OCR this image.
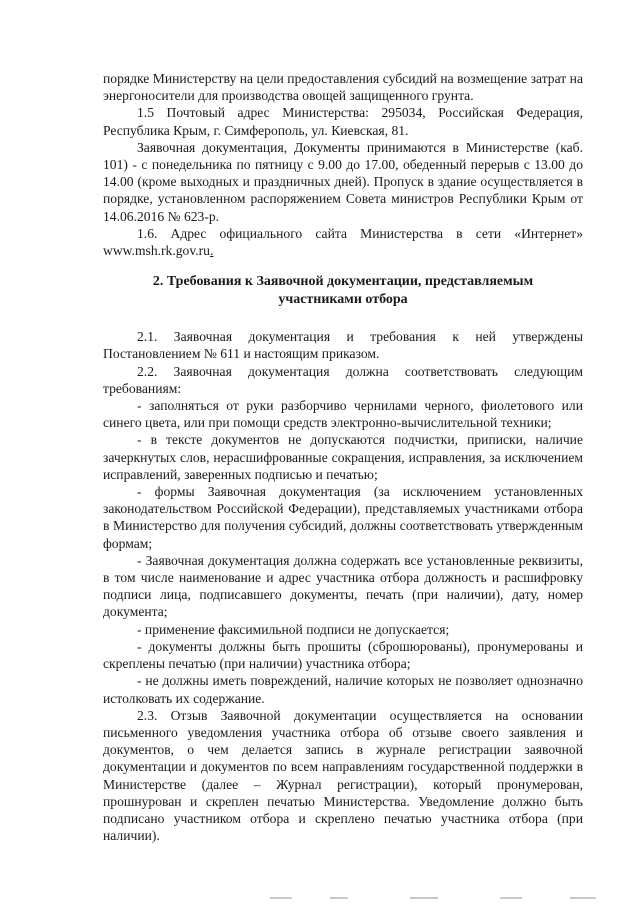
порядке Министерству на цели предоставления субсидий на возмещение затрат на энергоносители для производства овощей защищенного грунта.

1.5 Почтовый адрес Министерства: 295034, Российская Федерация, Республика Крым, г. Симферополь, ул. Киевская, 81.

Заявочная документация, Документы принимаются в Министерстве (каб. 101) - с понедельника по пятницу с 9.00 до 17.00, обеденный перерыв с 13.00 до 14.00 (кроме выходных и праздничных дней). Пропуск в здание осуществляется в порядке, установленном распоряжением Совета министров Республики Крым от 14.06.2016 № 623-р.

1.6. Адрес официального сайта Министерства в сети «Интернет» www.msh.rk.gov.ru.

2. Требования к Заявочной документации, представляемым участниками отбора

2.1. Заявочная документация и требования к ней утверждены Постановлением № 611 и настоящим приказом.

2.2. Заявочная документация должна соответствовать следующим требованиям:

- заполняться от руки разборчиво чернилами черного, фиолетового или синего цвета, или при помощи средств электронно-вычислительной техники;

- в тексте документов не допускаются подчистки, приписки, наличие зачеркнутых слов, нерасшифрованные сокращения, исправления, за исключением исправлений, заверенных подписью и печатью;

- формы Заявочная документация (за исключением установленных законодательством Российской Федерации), представляемых участниками отбора в Министерство для получения субсидий, должны соответствовать утвержденным формам;

- Заявочная документация должна содержать все установленные реквизиты, в том числе наименование и адрес участника отбора должность и расшифровку подписи лица, подписавшего документы, печать (при наличии), дату, номер документа;

- применение факсимильной подписи не допускается;

- документы должны быть прошиты (сброшюрованы), пронумерованы и скреплены печатью (при наличии) участника отбора;

- не должны иметь повреждений, наличие которых не позволяет однозначно истолковать их содержание.

2.3. Отзыв Заявочной документации осуществляется на основании письменного уведомления участника отбора об отзыве своего заявления и документов, о чем делается запись в журнале регистрации заявочной документации и документов по всем направлениям государственной поддержки в Министерстве (далее – Журнал регистрации), который пронумерован, прошнурован и скреплен печатью Министерства. Уведомление должно быть подписано участником отбора и скреплено печатью участника отбора (при наличии).
